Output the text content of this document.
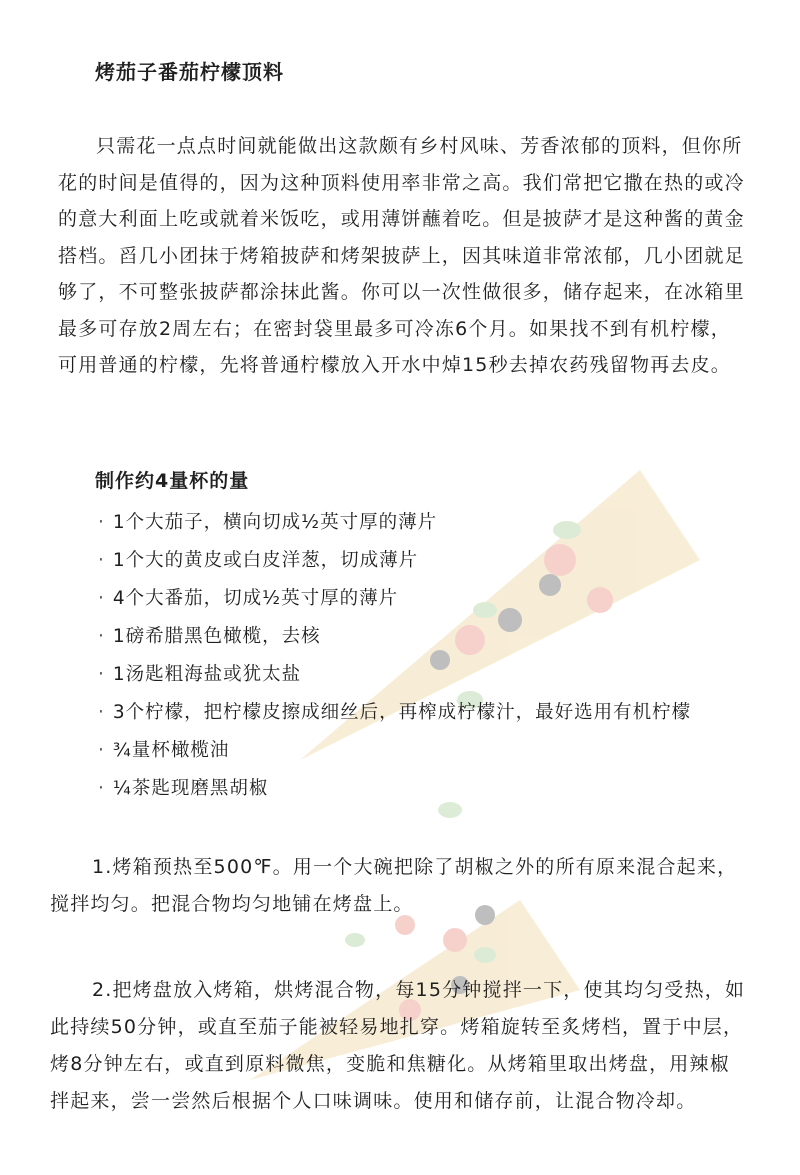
烤茄子番茄柠檬顶料

只需花一点点时间就能做出这款颇有乡村风味、芳香浓郁的顶料，但你所花的时间是值得的，因为这种顶料使用率非常之高。我们常把它撒在热的或冷的意大利面上吃或就着米饭吃，或用薄饼蘸着吃。但是披萨才是这种酱的黄金搭档。舀几小团抹于烤箱披萨和烤架披萨上，因其味道非常浓郁，几小团就足够了，不可整张披萨都涂抹此酱。你可以一次性做很多，储存起来，在冰箱里最多可存放2周左右；在密封袋里最多可冷冻6个月。如果找不到有机柠檬，可用普通的柠檬，先将普通柠檬放入开水中焯15秒去掉农药残留物再去皮。

制作约4量杯的量
· 1个大茄子，横向切成½英寸厚的薄片
· 1个大的黄皮或白皮洋葱，切成薄片
· 4个大番茄，切成½英寸厚的薄片
· 1磅希腊黑色橄榄，去核
· 1汤匙粗海盐或犹太盐
· 3个柠檬，把柠檬皮擦成细丝后，再榨成柠檬汁，最好选用有机柠檬
· ¾量杯橄榄油
· ¼茶匙现磨黑胡椒

1.烤箱预热至500℉。用一个大碗把除了胡椒之外的所有原来混合起来，搅拌均匀。把混合物均匀地铺在烤盘上。

2.把烤盘放入烤箱，烘烤混合物，每15分钟搅拌一下，使其均匀受热，如此持续50分钟，或直至茄子能被轻易地扎穿。烤箱旋转至炙烤档，置于中层，烤8分钟左右，或直到原料微焦，变脆和焦糖化。从烤箱里取出烤盘，用辣椒拌起来，尝一尝然后根据个人口味调味。使用和储存前，让混合物冷却。
